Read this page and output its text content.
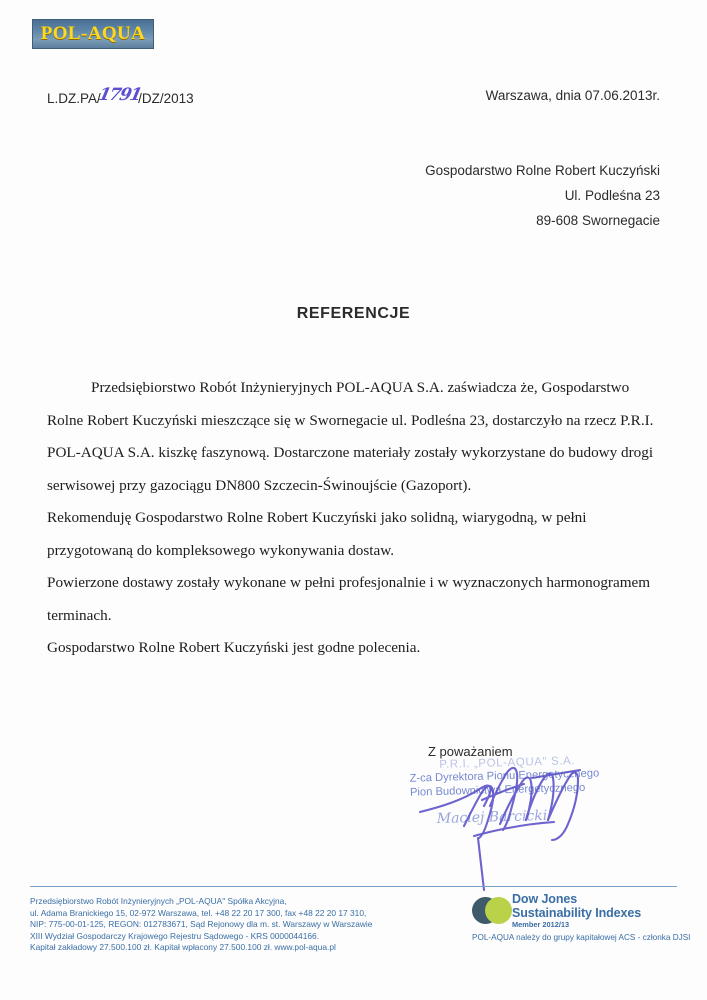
POL-AQUA
L.DZ.PA/1791/DZ/2013	Warszawa, dnia 07.06.2013r.
Gospodarstwo Rolne Robert Kuczyński
Ul. Podleśna 23
89-608 Swornegacie
REFERENCJE

Przedsiębiorstwo Robót Inżynieryjnych POL-AQUA S.A. zaświadcza że, Gospodarstwo Rolne Robert Kuczyński mieszczące się w Swornegacie ul. Podleśna 23, dostarczyło na rzecz P.R.I. POL-AQUA S.A. kiszkę faszynową. Dostarczone materiały zostały wykorzystane do budowy drogi serwisowej przy gazociągu DN800 Szczecin-Świnoujście (Gazoport).

Rekomenduję Gospodarstwo Rolne Robert Kuczyński jako solidną, wiarygodną, w pełni przygotowaną do kompleksowego wykonywania dostaw.

Powierzone dostawy zostały wykonane w pełni profesjonalnie i w wyznaczonych harmonogramem terminach.

Gospodarstwo Rolne Robert Kuczyński jest godne polecenia.

Z poważaniem
P.R.I. „POL-AQUA" S.A.
Z-ca Dyrektora Pionu Energetycznego
Pion Budownictwa Energetycznego
Maciej Barcicki
Przedsiębiorstwo Robót Inżynieryjnych „POL-AQUA" Spółka Akcyjna,
ul. Adama Branickiego 15, 02-972 Warszawa, tel. +48 22 20 17 300, fax +48 22 20 17 310,
NIP: 775-00-01-125, REGON: 012783671, Sąd Rejonowy dla m. st. Warszawy w Warszawie
XIII Wydział Gospodarczy Krajowego Rejestru Sądowego - KRS 0000044166.
Kapitał zakładowy 27.500.100 zł. Kapitał wpłacony 27.500.100 zł. www.pol-aqua.pl
Dow Jones
Sustainability Indexes
Member 2012/13
POL-AQUA należy do grupy kapitałowej ACS - członka DJSI
